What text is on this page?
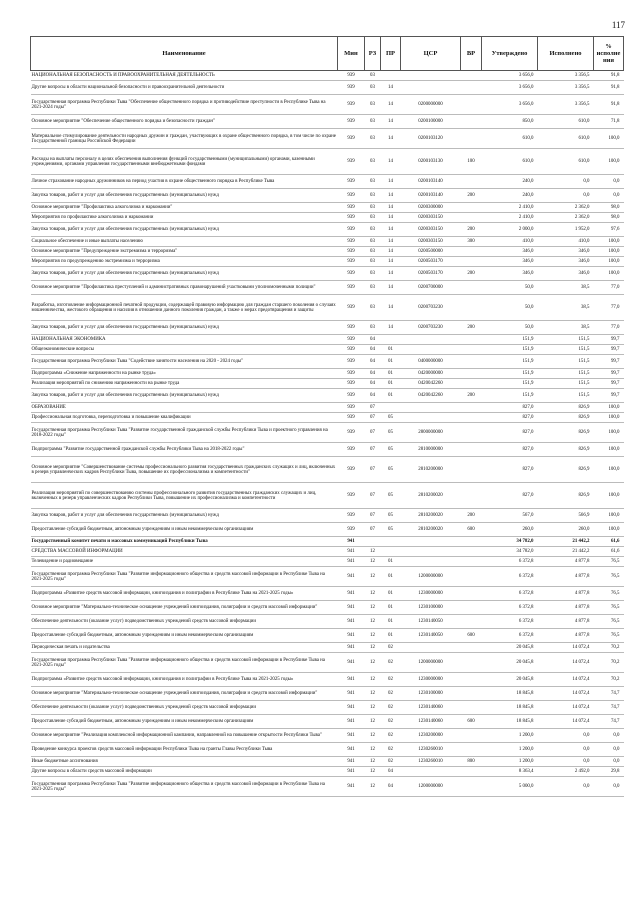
117
Наименование	Мин	РЗ	ПР	ЦСР	ВР	Утверждено	Исполнено	% исполне ния
НАЦИОНАЛЬНАЯ БЕЗОПАСНОСТЬ И ПРАВООХРАНИТЕЛЬНАЯ ДЕЯТЕЛЬНОСТЬ	939	03				3 656,0	3 356,5	91,8
Другие вопросы в области национальной безопасности и правоохранительной деятельности	939	03	14			3 656,0	3 356,5	91,8
Государственная программа Республики Тыва "Обеспечение общественного порядка и противодействие преступности в Республике Тыва на 2021-2024 годы"	939	03	14	0200000000		3 656,0	3 356,5	91,8
Основное мероприятие "Обеспечение общественного порядка и безопасности граждан"	939	03	14	0200100000		850,0	610,0	71,8
Материальное стимулирование деятельности народных дружин и граждан, участвующих в охране общественного порядка, в том числе по охране Государственной границы Российской Федерации	939	03	14	0200103120		610,0	610,0	100,0
Расходы на выплаты персоналу в целях обеспечения выполнения функций государственными (муниципальными) органами, казенными учреждениями, органами управления государственными внебюджетными фондами	939	03	14	0200103130	100	610,0	610,0	100,0
Личное страхование народных дружинников на период участия в охране общественного порядка в Республике Тыва	939	03	14	0200103140		240,0	0,0	0,0
Закупка товаров, работ и услуг для обеспечения государственных (муниципальных) нужд	939	03	14	0200103140	200	240,0	0,0	0,0
Основное мероприятие "Профилактика алкоголизма и наркомании"	939	03	14	0200300000		2 410,0	2 362,0	98,0
Мероприятия по профилактике алкоголизма и наркомании	939	03	14	0200303150		2 410,0	2 362,0	98,0
Закупка товаров, работ и услуг для обеспечения государственных (муниципальных) нужд	939	03	14	0200303150	200	2 000,0	1 952,0	97,6
Социальное обеспечение и иные выплаты населению	939	03	14	0200303150	300	410,0	410,0	100,0
Основное мероприятие "Предупреждение экстремизма и терроризма"	939	03	14	0200500000		346,0	346,0	100,0
Мероприятия по предупреждению экстремизма и терроризма	939	03	14	0200503170		346,0	346,0	100,0
Закупка товаров, работ и услуг для обеспечения государственных (муниципальных) нужд	939	03	14	0200503170	200	346,0	346,0	100,0
Основное мероприятие "Профилактика преступлений и административных правонарушений участковыми уполномоченными полиции"	939	03	14	0200700000		50,0	38,5	77,0
Разработка, изготовление информационной печатной продукции, содержащей правовую информацию для граждан старшего поколения о случаях мошенничества, жестокого обращения и насилия в отношении данного поколения граждан, а также о мерах предотвращения и защиты	939	03	14	0200703230		50,0	38,5	77,0
Закупка товаров, работ и услуг для обеспечения государственных (муниципальных) нужд	939	03	14	0200703230	200	50,0	38,5	77,0
НАЦИОНАЛЬНАЯ ЭКОНОМИКА	939	04				151,9	151,5	99,7
Общеэкономические вопросы	939	04	01			151,9	151,5	99,7
Государственная программа Республики Тыва "Содействие занятости населения на 2020 - 2024 годы"	939	04	01	0400000000		151,9	151,5	99,7
Подпрограмма «Снижение напряженности на рынке труда»	939	04	01	0420000000		151,9	151,5	99,7
Реализация мероприятий по снижению напряженности на рынке труда	939	04	01	0420042260		151,9	151,5	99,7
Закупка товаров, работ и услуг для обеспечения государственных (муниципальных) нужд	939	04	01	0420042260	200	151,9	151,5	99,7
ОБРАЗОВАНИЕ	939	07				827,0	826,9	100,0
Профессиональная подготовка, переподготовка и повышение квалификации	939	07	05			827,0	826,9	100,0
Государственная программа Республики Тыва "Развитие государственной гражданской службы Республики Тыва и проектного управления на 2018-2022 годы"	939	07	05	2800000000		827,0	826,9	100,0
Подпрограмма "Развитие государственной гражданской службы Республики Тыва на 2018-2022 годы"	939	07	05	2810000000		827,0	826,9	100,0
Основное мероприятие "Совершенствование системы профессионального развития государственных гражданских служащих и лиц, включенных в резерв управленческих кадров Республики Тыва, повышение их профессионализма и компетентности"	939	07	05	2810200000		827,0	826,9	100,0
Реализация мероприятий по совершенствованию системы профессионального развития государственных гражданских служащих и лиц, включенных в резерв управленческих кадров Республики Тыва, повышение их профессионализма и компетентности	939	07	05	2810200020		827,0	826,9	100,0
Закупка товаров, работ и услуг для обеспечения государственных (муниципальных) нужд	939	07	05	2810200020	200	567,0	566,9	100,0
Предоставление субсидий бюджетным, автономным учреждениям и иным некоммерческим организациям	939	07	05	2810200020	600	260,0	260,0	100,0
Государственный комитет печати и массовых коммуникаций Республики Тыва	941					34 782,0	21 442,2	61,6
СРЕДСТВА МАССОВОЙ ИНФОРМАЦИИ	941	12				34 782,0	21 442,2	61,6
Телевидение и радиовещание	941	12	01			6 372,8	4 877,8	76,5
Государственная программа Республики Тыва "Развитие информационного общества и средств массовой информации в Республике Тыва на 2021-2025 годы"	941	12	01	1200000000		6 372,8	4 877,8	76,5
Подпрограмма «Развитие средств массовой информации, книгоиздания и полиграфии в Республике Тыва на 2021-2025 годы»	941	12	01	1230000000		6 372,8	4 877,8	76,5
Основное мероприятие "Материально-техническое оснащение учреждений книгоиздания, полиграфии и средств массовой информации"	941	12	01	1230100000		6 372,8	4 877,8	76,5
Обеспечение деятельности (оказание услуг) подведомственных учреждений средств массовой информации	941	12	01	1230140050		6 372,8	4 877,8	76,5
Предоставление субсидий бюджетным, автономным учреждениям и иным некоммерческим организациям	941	12	01	1230140050	600	6 372,8	4 877,8	76,5
Периодическая печать и издательства	941	12	02			20 045,8	14 072,4	70,2
Государственная программа Республики Тыва "Развитие информационного общества и средств массовой информации в Республике Тыва на 2021-2025 годы"	941	12	02	1200000000		20 045,8	14 072,4	70,2
Подпрограмма «Развитие средств массовой информации, книгоиздания и полиграфии в Республике Тыва на 2021-2025 годы»	941	12	02	1230000000		20 045,8	14 072,4	70,2
Основное мероприятие "Материально-техническое оснащение учреждений книгоиздания, полиграфии и средств массовой информации"	941	12	02	1230100000		18 845,8	14 072,4	74,7
Обеспечение деятельности (оказание услуг) подведомственных учреждений средств массовой информации	941	12	02	1230140060		18 845,8	14 072,4	74,7
Предоставление субсидий бюджетным, автономным учреждениям и иным некоммерческим организациям	941	12	02	1230140060	600	18 845,8	14 072,4	74,7
Основное мероприятие "Реализация комплексной информационной кампании, направленной на повышение открытости Республики Тыва"	941	12	02	1230200000		1 200,0	0,0	0,0
Проведение конкурса проектов средств массовой информации Республики Тыва на гранты Главы Республики Тыва	941	12	02	1230260010		1 200,0	0,0	0,0
Иные бюджетные ассигнования	941	12	02	1230260010	800	1 200,0	0,0	0,0
Другие вопросы в области средств массовой информации	941	12	04			8 363,4	2 492,0	29,8
Государственная программа Республики Тыва "Развитие информационного общества и средств массовой информации в Республике Тыва на 2021-2025 годы"	941	12	04	1200000000		5 000,0	0,0	0,0
